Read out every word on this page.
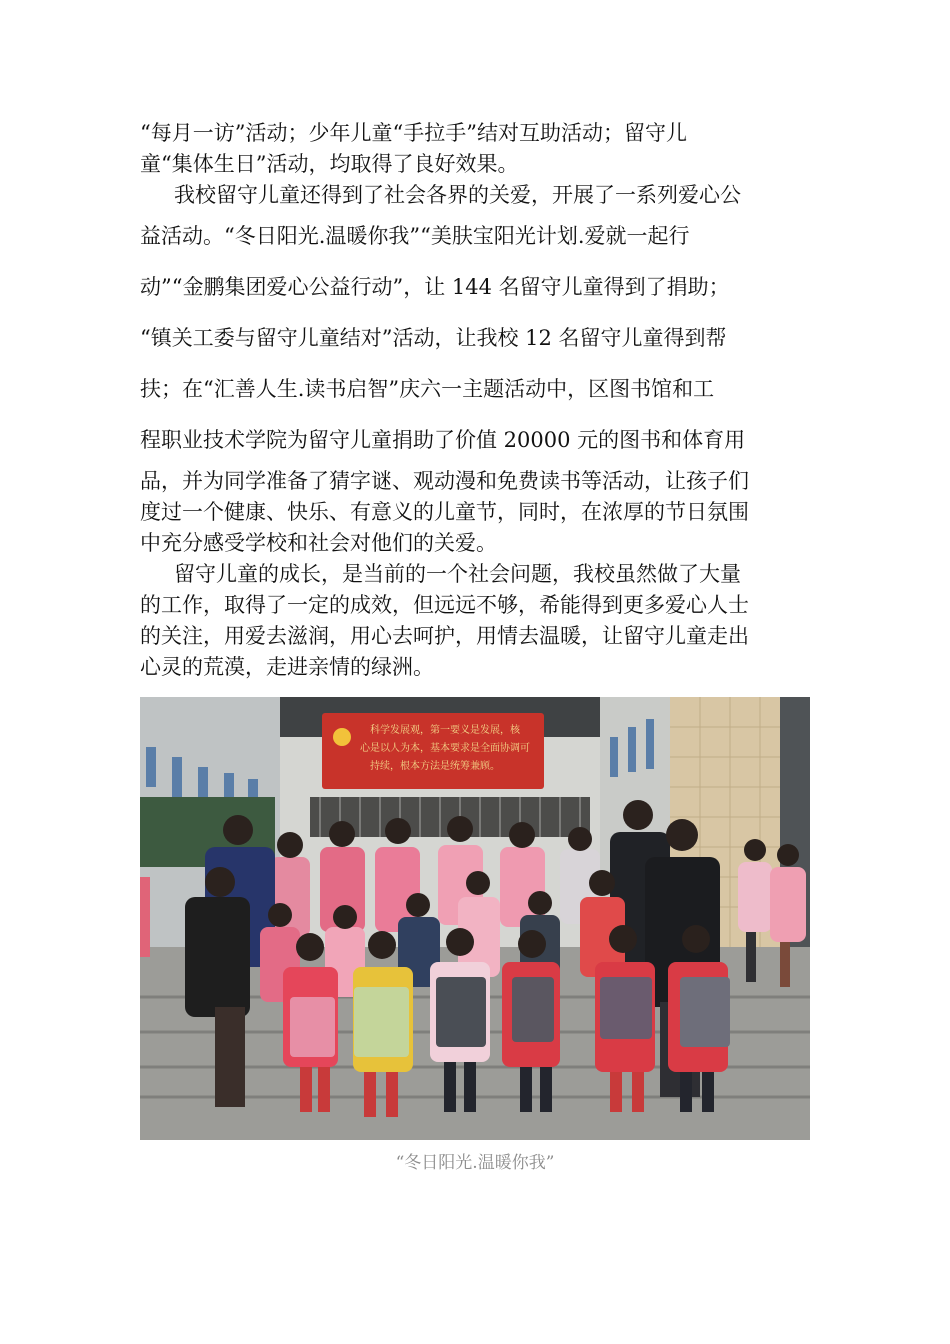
“每月一访”活动；少年儿童“手拉手”结对互助活动；留守儿
童“集体生日”活动，均取得了良好效果。
我校留守儿童还得到了社会各界的关爱，开展了一系列爱心公
益活动。“冬日阳光.温暖你我”“美肤宝阳光计划.爱就一起行
动”“金鹏集团爱心公益行动”，让 144 名留守儿童得到了捐助；
“镇关工委与留守儿童结对”活动，让我校 12 名留守儿童得到帮
扶；在“汇善人生.读书启智”庆六一主题活动中，区图书馆和工
程职业技术学院为留守儿童捐助了价值 20000 元的图书和体育用
品，并为同学准备了猜字谜、观动漫和免费读书等活动，让孩子们
度过一个健康、快乐、有意义的儿童节，同时，在浓厚的节日氛围
中充分感受学校和社会对他们的关爱。
留守儿童的成长，是当前的一个社会问题，我校虽然做了大量
的工作，取得了一定的成效，但远远不够，希能得到更多爱心人士
的关注，用爱去滋润，用心去呵护，用情去温暖，让留守儿童走出
心灵的荒漠，走进亲情的绿洲。
科学发展观，第一要义是发展，核
心是以人为本，基本要求是全面协调可
持续，根本方法是统筹兼顾。
“冬日阳光.温暖你我”
